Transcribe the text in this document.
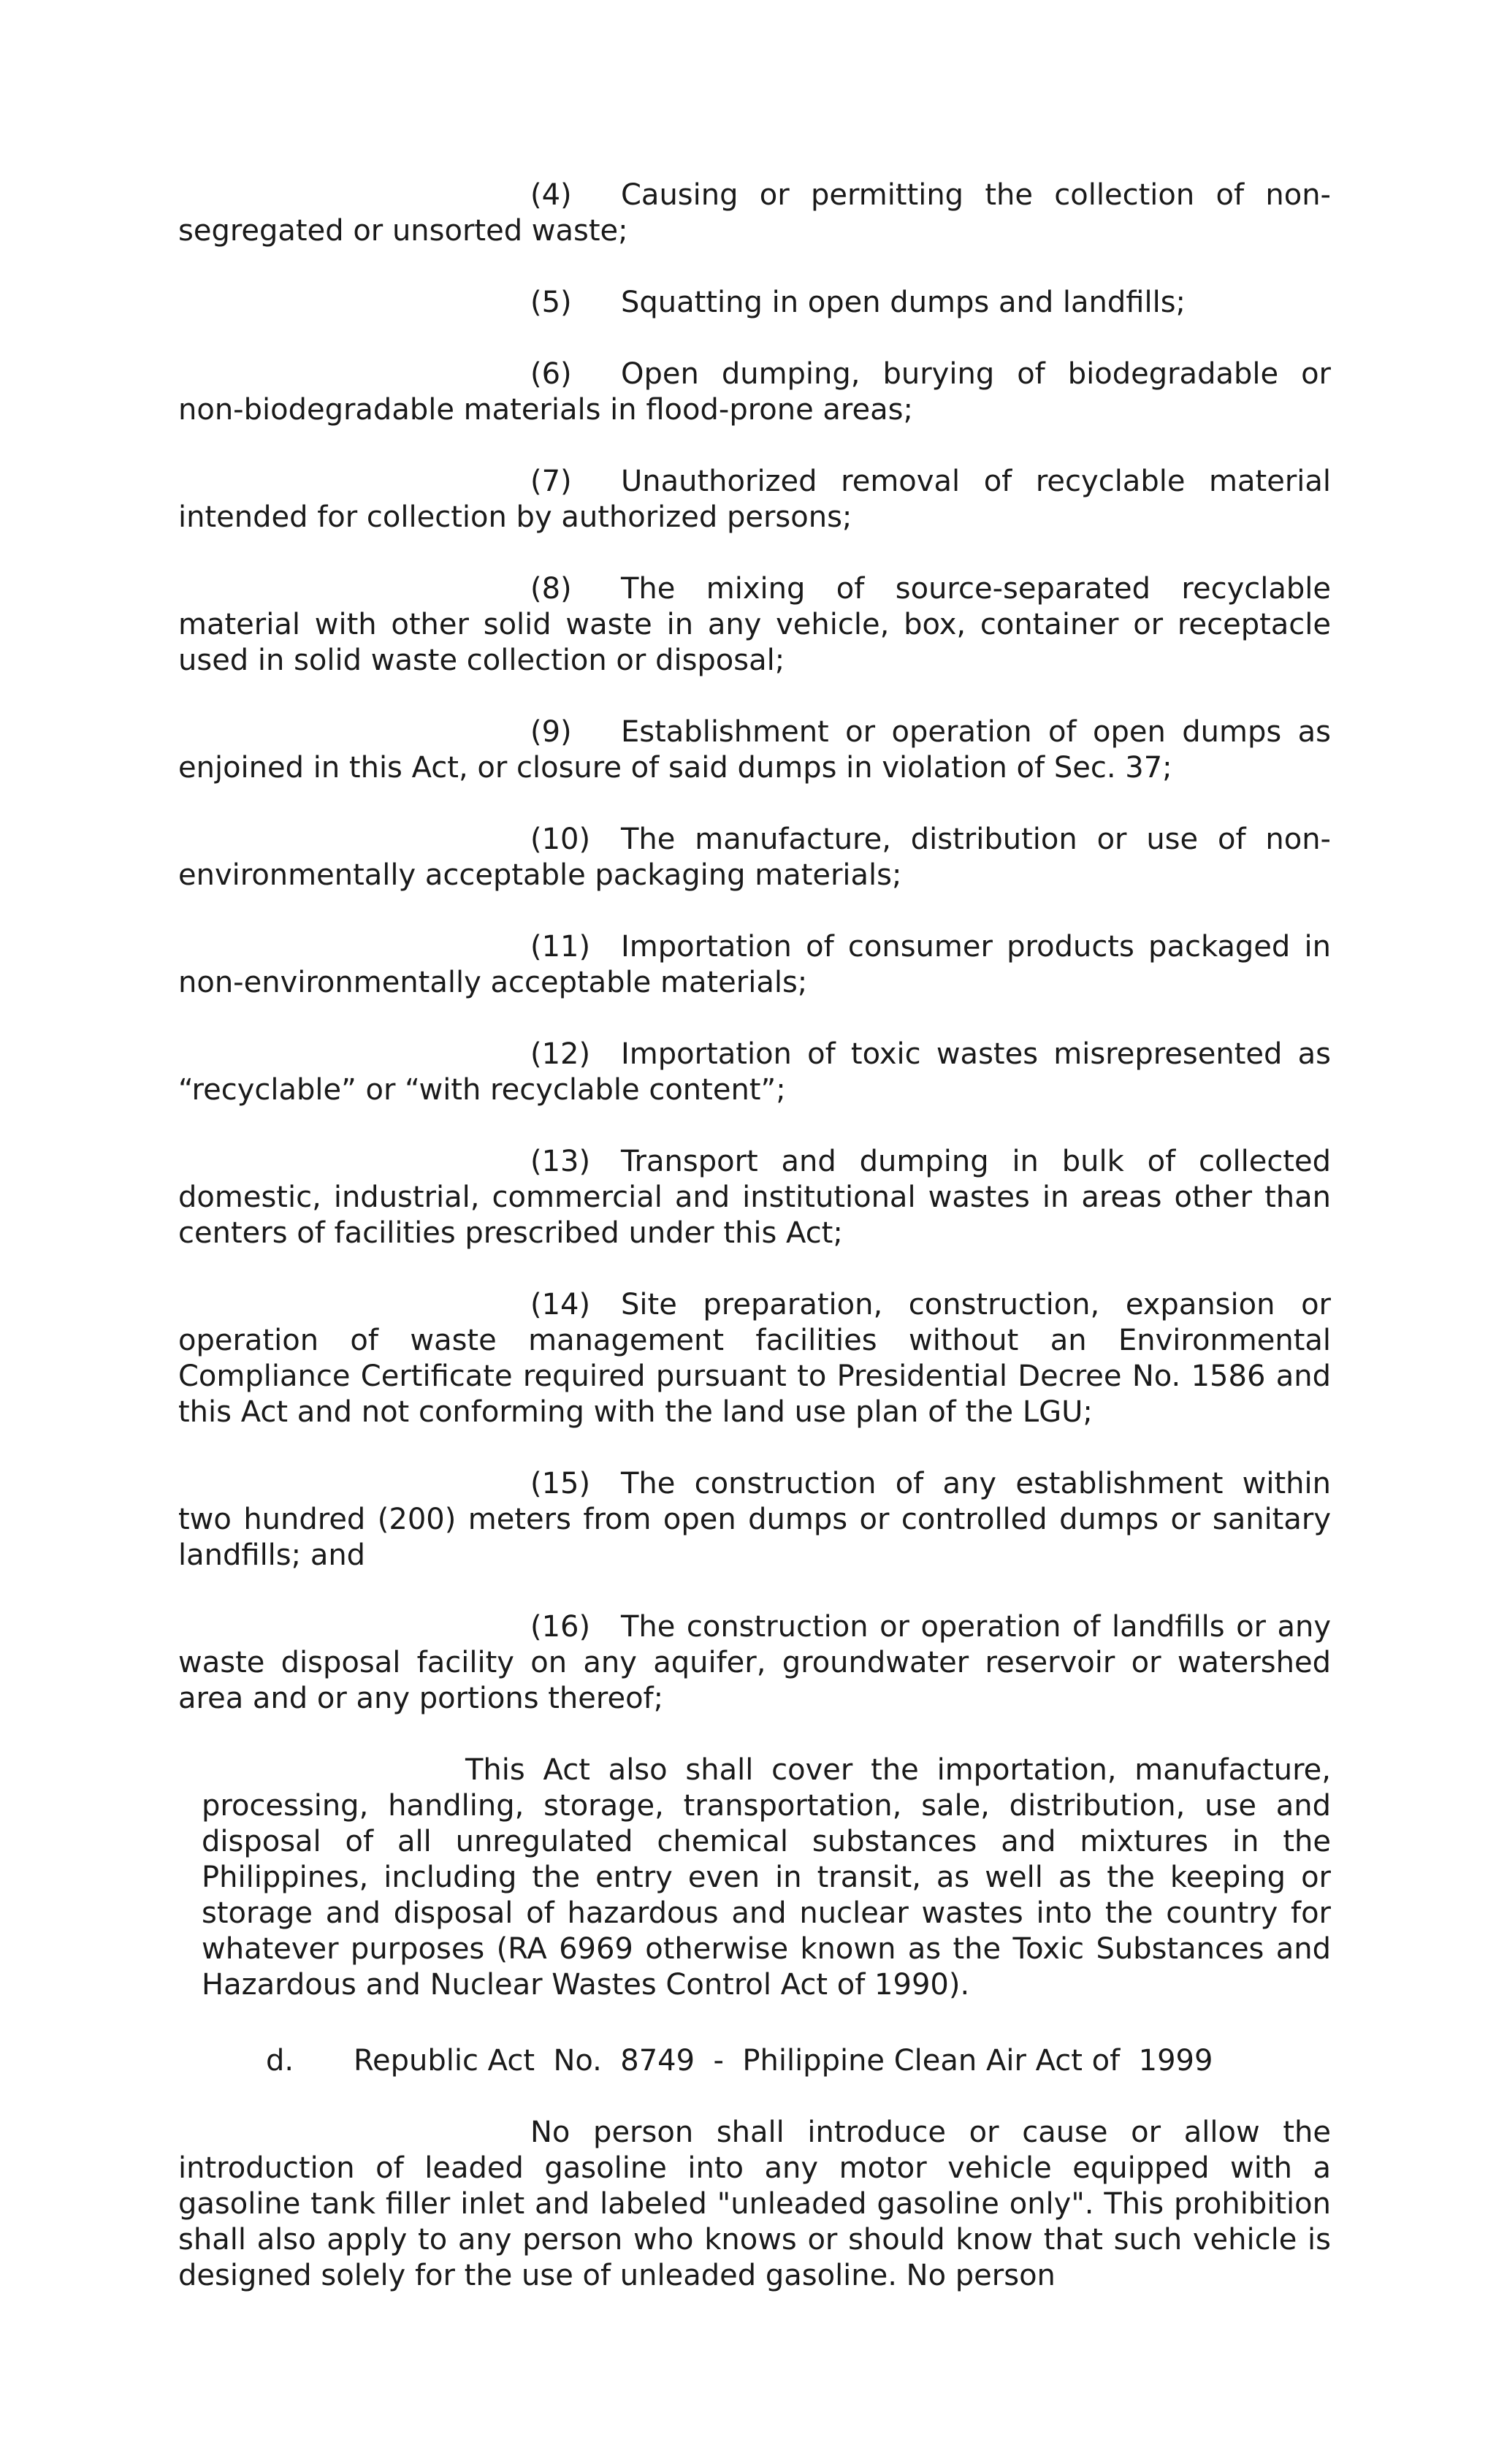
(4) Causing or permitting the collection of non-segregated or unsorted waste;

(5) Squatting in open dumps and landfills;

(6) Open dumping, burying of biodegradable or non-biodegradable materials in flood-prone areas;

(7) Unauthorized removal of recyclable material intended for collection by authorized persons;

(8) The mixing of source-separated recyclable material with other solid waste in any vehicle, box, container or receptacle used in solid waste collection or disposal;

(9) Establishment or operation of open dumps as enjoined in this Act, or closure of said dumps in violation of Sec. 37;

(10) The manufacture, distribution or use of non-environmentally acceptable packaging materials;

(11) Importation of consumer products packaged in non-environmentally acceptable materials;

(12) Importation of toxic wastes misrepresented as “recyclable” or “with recyclable content”;

(13) Transport and dumping in bulk of collected domestic, industrial, commercial and institutional wastes in areas other than centers of facilities prescribed under this Act;

(14) Site preparation, construction, expansion or operation of waste management facilities without an Environmental Compliance Certificate required pursuant to Presidential Decree No. 1586 and this Act and not conforming with the land use plan of the LGU;

(15) The construction of any establishment within two hundred (200) meters from open dumps or controlled dumps or sanitary landfills; and

(16) The construction or operation of landfills or any waste disposal facility on any aquifer, groundwater reservoir or watershed area and or any portions thereof;

This Act also shall cover the importation, manufacture, processing, handling, storage, transportation, sale, distribution, use and disposal of all unregulated chemical substances and mixtures in the Philippines, including the entry even in transit, as well as the keeping or storage and disposal of hazardous and nuclear wastes into the country for whatever purposes (RA 6969 otherwise known as the Toxic Substances and Hazardous and Nuclear Wastes Control Act of 1990).

d. Republic Act  No.  8749  -  Philippine Clean Air Act of  1999

No person shall introduce or cause or allow the introduction of leaded gasoline into any motor vehicle equipped with a gasoline tank filler inlet and labeled "unleaded gasoline only". This prohibition shall also apply to any person who knows or should know that such vehicle is designed solely for the use of unleaded gasoline. No person
